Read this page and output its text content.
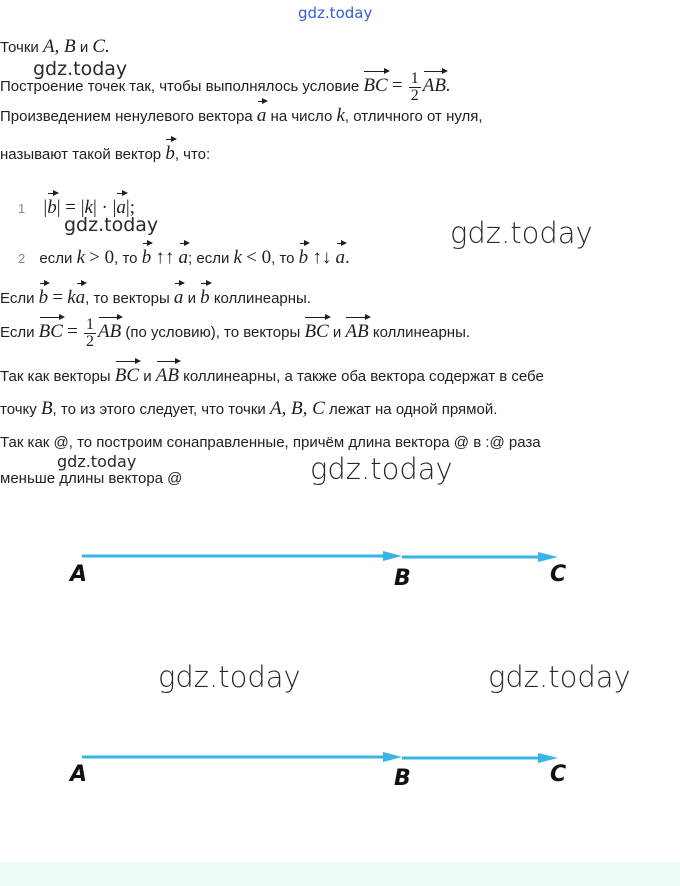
gdz.today
Точки A, B и C.
gdz.today
Построение точек так, чтобы выполнялось условие BC = $\frac{1}{2}$ AB.
Произведением ненулевого вектора a на число k, отличного от нуля,
называют такой вектор b, что:
1 |b| = |k| · |a|;
gdz.today
2 если k > 0, то b ↑↑ a; если k < 0, то b ↑↓ a.
gdz.today
Если b = ka, то векторы a и b коллинеарны.
Если BC = $\frac{1}{2}$ AB (по условию), то векторы BC и AB коллинеарны.
Так как векторы BC и AB коллинеарны, а также оба вектора содержат в себе
точку B, то из этого следует, что точки A, B, C лежат на одной прямой.
Так как @, то построим сонаправленные, причём длина вектора @ в :@ раза
gdz.today
меньше длины вектора @	gdz.today
A	B	C
gdz.today	gdz.today
A	B	C
